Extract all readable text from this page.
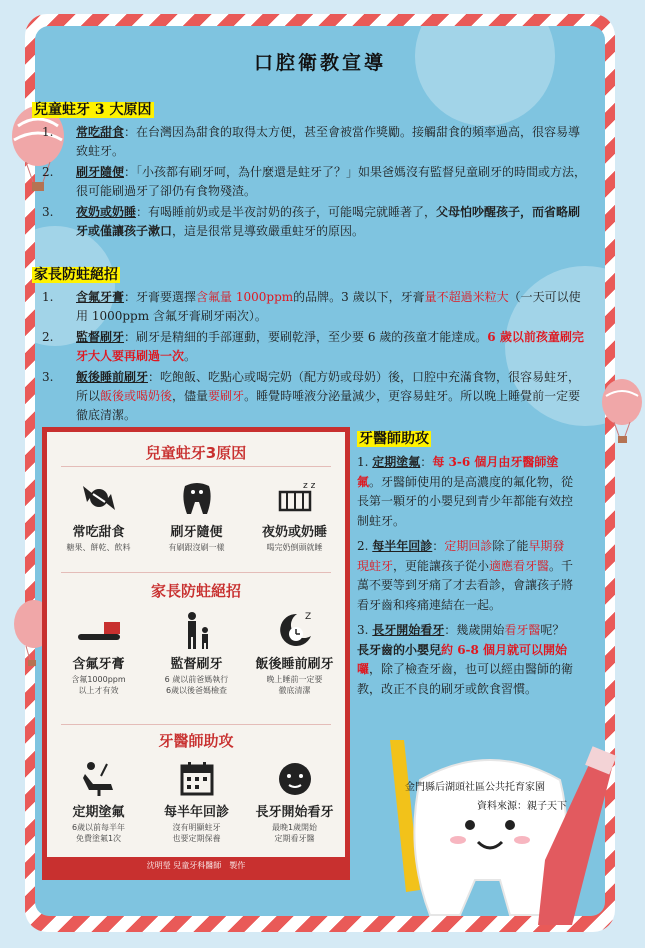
口腔衛教宣導
兒童蛀牙 3 大原因
1. 常吃甜食：在台灣因為甜食的取得太方便，甚至會被當作獎勵。接觸甜食的頻率過高，很容易導致蛀牙。
2. 刷牙隨便：「小孩都有刷牙呵，為什麼還是蛀牙了？」如果爸媽沒有監督兒童刷牙的時間或方法，很可能刷過牙了卻仍有食物殘渣。
3. 夜奶或奶睡：有喝睡前奶或是半夜討奶的孩子，可能喝完就睡著了，父母怕吵醒孩子，而省略刷牙或僅讓孩子漱口，這是很常見導致嚴重蛀牙的原因。
家長防蛀絕招
1. 含氟牙膏：牙膏要選擇含氟量 1000ppm的品牌。3 歲以下，牙膏量不超過米粒大（一天可以使用 1000ppm 含氟牙膏刷牙兩次）。
2. 監督刷牙：刷牙是精細的手部運動，要刷乾淨，至少要 6 歲的孩童才能達成。6 歲以前孩童刷完牙大人要再刷過一次。
3. 飯後睡前刷牙：吃飽飯、吃點心或喝完奶（配方奶或母奶）後，口腔中充滿食物，很容易蛀牙，所以飯後或喝奶後，儘量要刷牙。睡覺時唾液分泌量減少，更容易蛀牙。所以晚上睡覺前一定要徹底清潔。
兒童蛀牙3原因
常吃甜食
糖果、餅乾、飲料
刷牙隨便
有刷跟沒刷一樣
z z
夜奶或奶睡
喝完奶倒頭就睡
家長防蛀絕招
含氟牙膏
含氟1000ppm
以上才有效
監督刷牙
6 歲以前爸媽執行
6歲以後爸媽檢查
Z
飯後睡前刷牙
晚上睡前一定要
徹底清潔
牙醫師助攻
定期塗氟
6歲以前每半年
免費塗氟1次
每半年回診
沒有明顯蛀牙
也要定期保養
長牙開始看牙
最晚1歲開始
定期看牙醫
沈明瑩 兒童牙科醫師　製作
牙醫師助攻

1. 定期塗氟：每 3-6 個月由牙醫師塗氟。牙醫師使用的是高濃度的氟化物，從長第一顆牙的小嬰兒到青少年都能有效控制蛀牙。

2. 每半年回診：定期回診除了能早期發現蛀牙，更能讓孩子從小適應看牙醫。千萬不要等到牙痛了才去看診，會讓孩子將看牙齒和疼痛連結在一起。

3. 長牙開始看牙：幾歲開始看牙醫呢？長牙齒的小嬰兒約 6-8 個月就可以開始囉，除了檢查牙齒，也可以經由醫師的衛教，改正不良的刷牙或飲食習慣。

金門縣后湖頭社區公共托育家園
資料來源：親子天下
